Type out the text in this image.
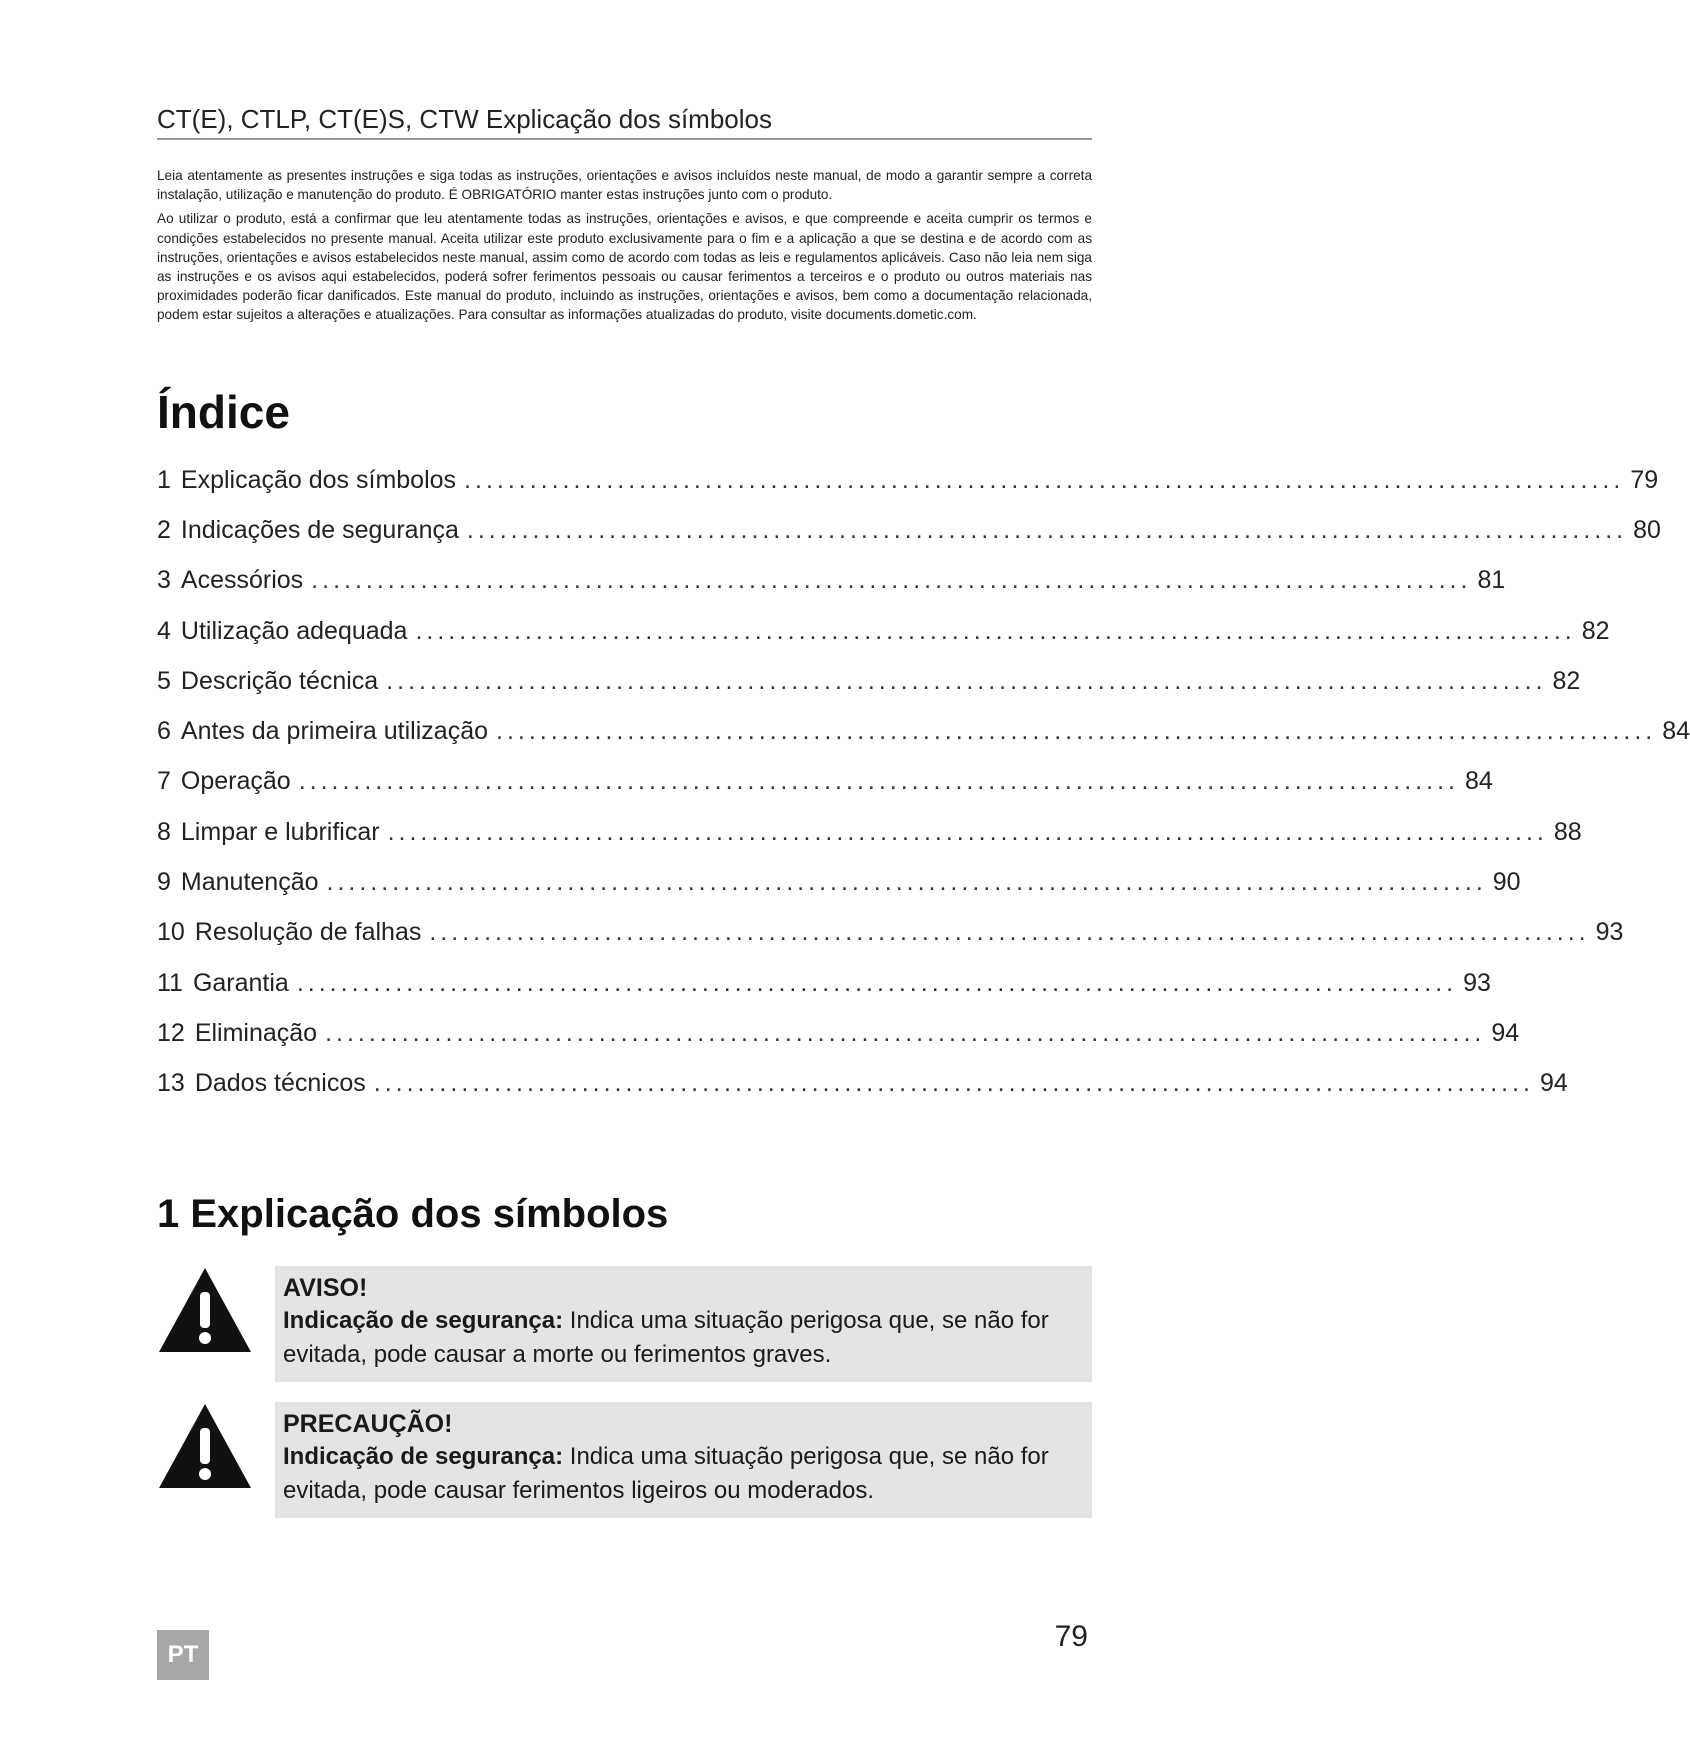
CT(E), CTLP, CT(E)S, CTW Explicação dos símbolos

Leia atentamente as presentes instruções e siga todas as instruções, orientações e avisos incluídos neste manual, de modo a garantir sempre a correta instalação, utilização e manutenção do produto. É OBRIGATÓRIO manter estas instruções junto com o produto.

Ao utilizar o produto, está a confirmar que leu atentamente todas as instruções, orientações e avisos, e que compreende e aceita cumprir os termos e condições estabelecidos no presente manual. Aceita utilizar este produto exclusivamente para o fim e a aplicação a que se destina e de acordo com as instruções, orientações e avisos estabelecidos neste manual, assim como de acordo com todas as leis e regulamentos aplicáveis. Caso não leia nem siga as instruções e os avisos aqui estabelecidos, poderá sofrer ferimentos pessoais ou causar ferimentos a terceiros e o produto ou outros materiais nas proximidades poderão ficar danificados. Este manual do produto, incluindo as instruções, orientações e avisos, bem como a documentação relacionada, podem estar sujeitos a alterações e atualizações. Para consultar as informações atualizadas do produto, visite documents.dometic.com.

Índice
1 Explicação dos símbolos .......................................................................................................... 79
2 Indicações de segurança .......................................................................................................... 80
3 Acessórios .......................................................................................................... 81
4 Utilização adequada .......................................................................................................... 82
5 Descrição técnica .......................................................................................................... 82
6 Antes da primeira utilização .......................................................................................................... 84
7 Operação .......................................................................................................... 84
8 Limpar e lubrificar .......................................................................................................... 88
9 Manutenção .......................................................................................................... 90
10 Resolução de falhas .......................................................................................................... 93
11 Garantia .......................................................................................................... 93
12 Eliminação .......................................................................................................... 94
13 Dados técnicos .......................................................................................................... 94
1 Explicação dos símbolos
AVISO!
Indicação de segurança: Indica uma situação perigosa que, se não for evitada, pode causar a morte ou ferimentos graves.
PRECAUÇÃO!
Indicação de segurança: Indica uma situação perigosa que, se não for evitada, pode causar ferimentos ligeiros ou moderados.
PT
79
